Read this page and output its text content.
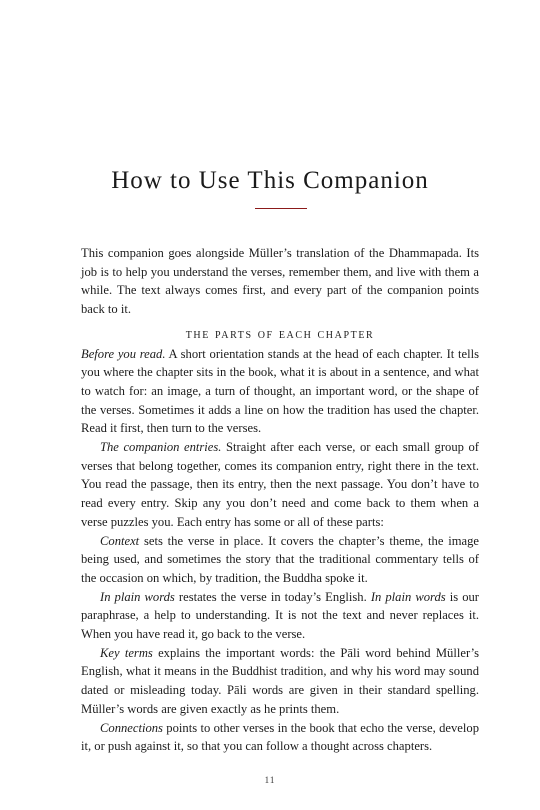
How to Use This Companion

This companion goes alongside Müller’s translation of the Dhammapada. Its job is to help you understand the verses, remember them, and live with them a while. The text always comes first, and every part of the companion points back to it.

the parts of each chapter

Before you read. A short orientation stands at the head of each chapter. It tells you where the chapter sits in the book, what it is about in a sentence, and what to watch for: an image, a turn of thought, an important word, or the shape of the verses. Sometimes it adds a line on how the tradition has used the chapter. Read it first, then turn to the verses.

The companion entries. Straight after each verse, or each small group of verses that belong together, comes its companion entry, right there in the text. You read the passage, then its entry, then the next passage. You don’t have to read every entry. Skip any you don’t need and come back to them when a verse puzzles you. Each entry has some or all of these parts:

Context sets the verse in place. It covers the chapter’s theme, the image being used, and sometimes the story that the traditional commentary tells of the occasion on which, by tradition, the Buddha spoke it.

In plain words restates the verse in today’s English. In plain words is our paraphrase, a help to understanding. It is not the text and never replaces it. When you have read it, go back to the verse.

Key terms explains the important words: the Pāli word behind Müller’s English, what it means in the Buddhist tradition, and why his word may sound dated or misleading today. Pāli words are given in their standard spelling. Müller’s words are given exactly as he prints them.

Connections points to other verses in the book that echo the verse, develop it, or push against it, so that you can follow a thought across chapters.

11
